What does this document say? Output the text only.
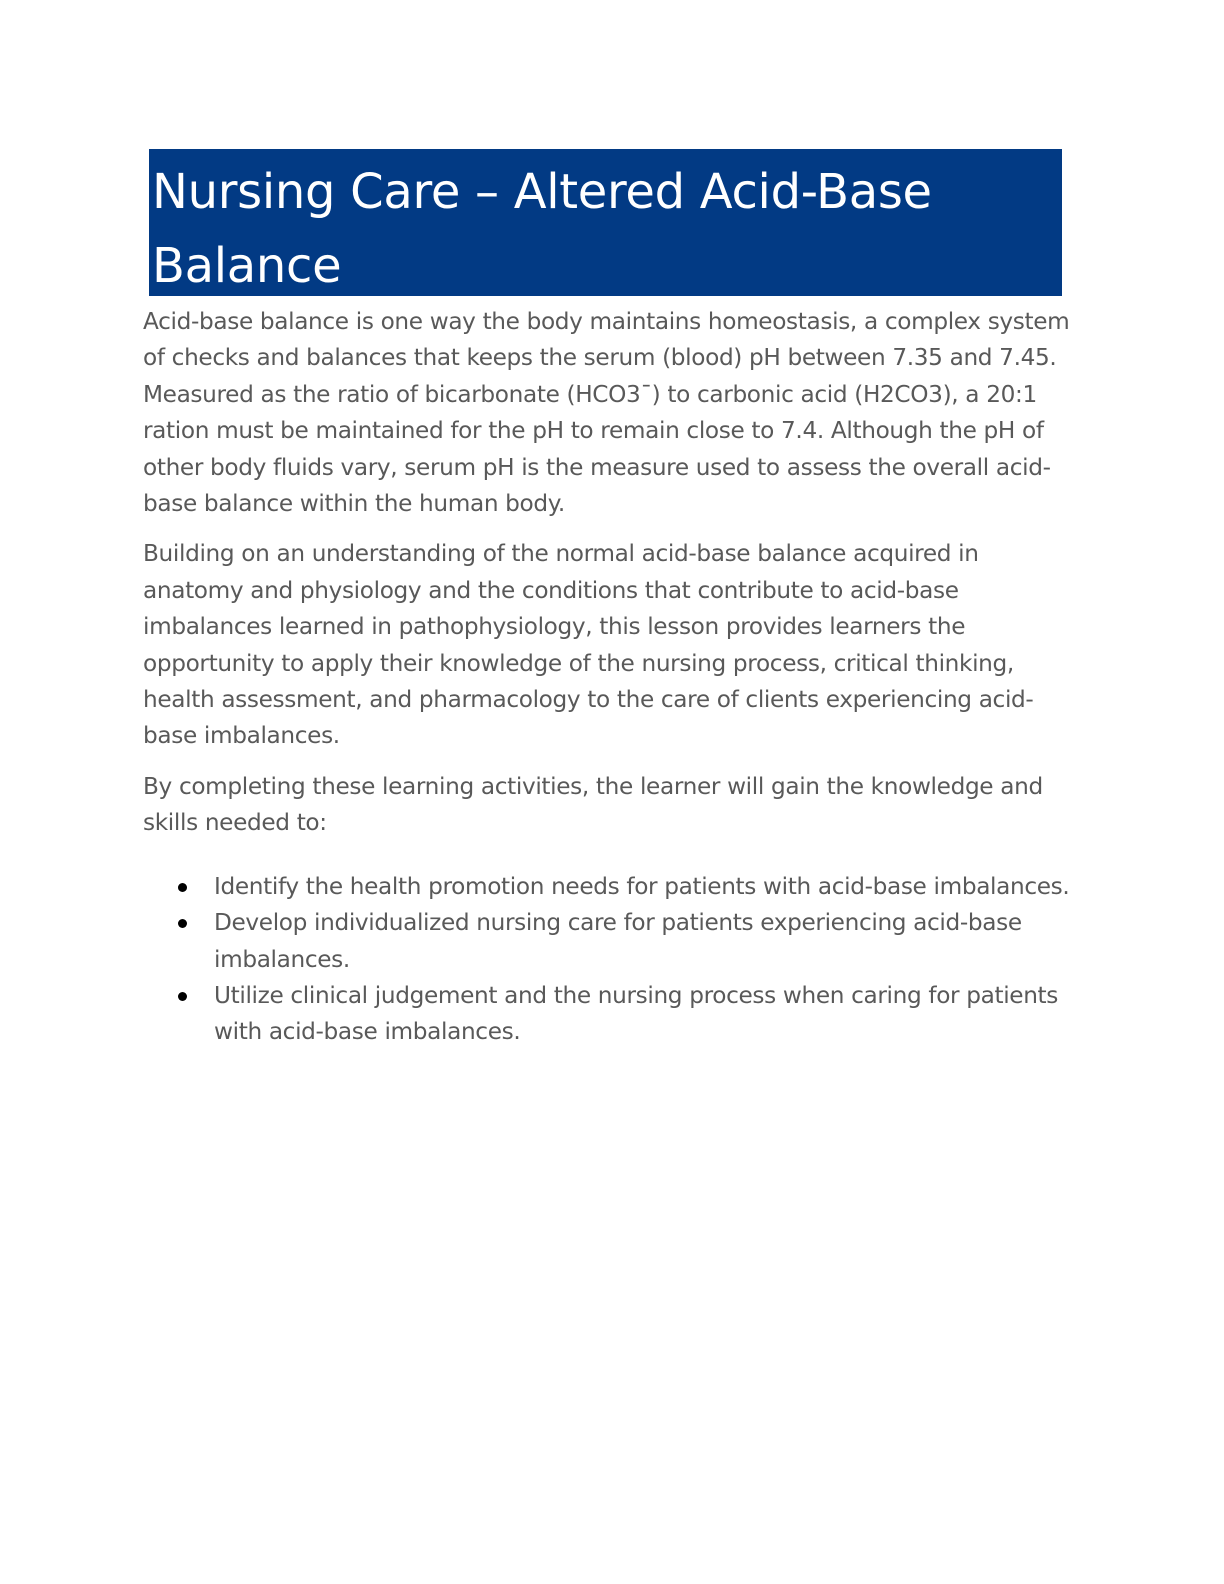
Nursing Care – Altered Acid-Base Balance

Acid-base balance is one way the body maintains homeostasis, a complex system of checks and balances that keeps the serum (blood) pH between 7.35 and 7.45. Measured as the ratio of bicarbonate (HCO3¯) to carbonic acid (H2CO3), a 20:1 ration must be maintained for the pH to remain close to 7.4. Although the pH of other body fluids vary, serum pH is the measure used to assess the overall acid-base balance within the human body.

Building on an understanding of the normal acid-base balance acquired in anatomy and physiology and the conditions that contribute to acid-base imbalances learned in pathophysiology, this lesson provides learners the opportunity to apply their knowledge of the nursing process, critical thinking, health assessment, and pharmacology to the care of clients experiencing acid-base imbalances.

By completing these learning activities, the learner will gain the knowledge and skills needed to:

Identify the health promotion needs for patients with acid-base imbalances.
Develop individualized nursing care for patients experiencing acid-base imbalances.
Utilize clinical judgement and the nursing process when caring for patients with acid-base imbalances.
